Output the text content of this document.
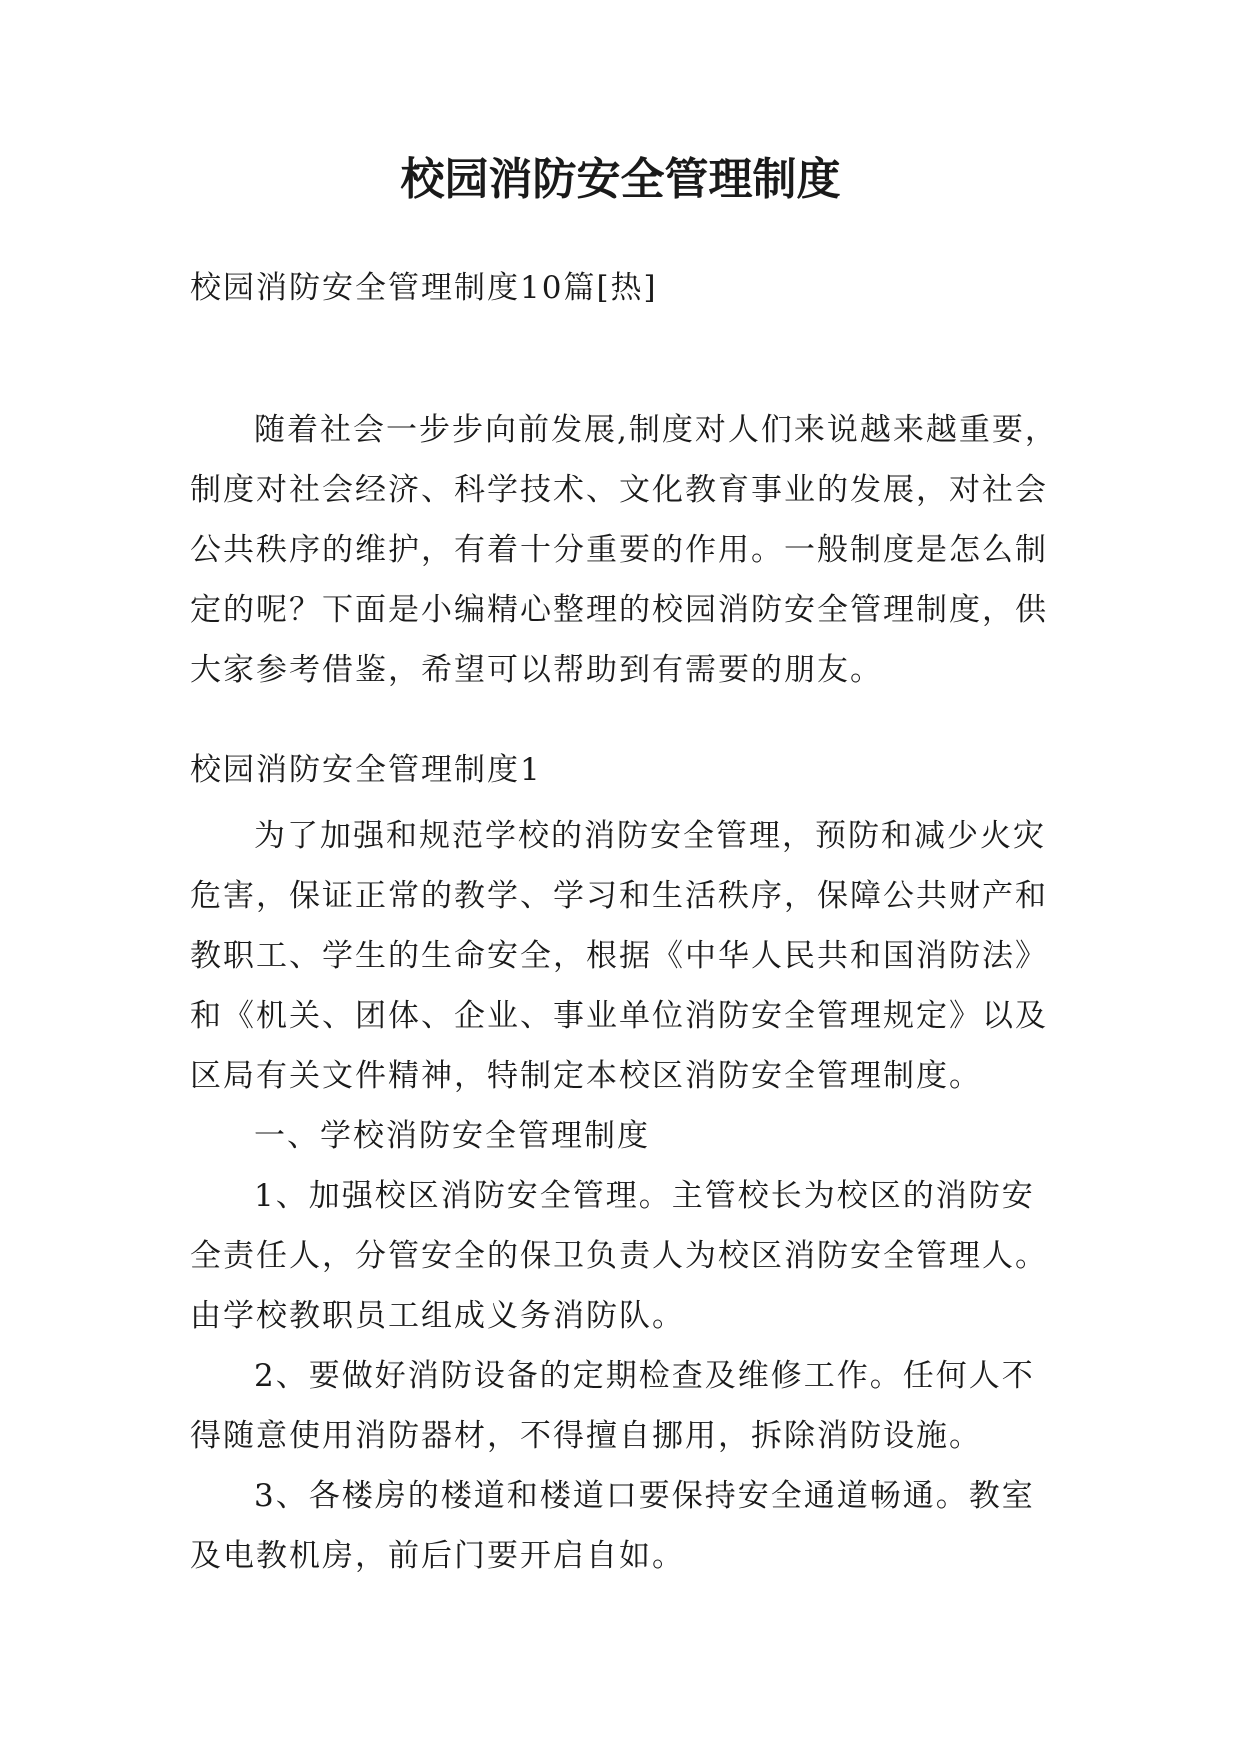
校园消防安全管理制度
校园消防安全管理制度10篇[热]
随着社会一步步向前发展,制度对人们来说越来越重要，
制度对社会经济、科学技术、文化教育事业的发展，对社会
公共秩序的维护，有着十分重要的作用。一般制度是怎么制
定的呢？下面是小编精心整理的校园消防安全管理制度，供
大家参考借鉴，希望可以帮助到有需要的朋友。
校园消防安全管理制度1
为了加强和规范学校的消防安全管理，预防和减少火灾
危害，保证正常的教学、学习和生活秩序，保障公共财产和
教职工、学生的生命安全，根据《中华人民共和国消防法》
和《机关、团体、企业、事业单位消防安全管理规定》以及
区局有关文件精神，特制定本校区消防安全管理制度。
一、学校消防安全管理制度
1、加强校区消防安全管理。主管校长为校区的消防安
全责任人，分管安全的保卫负责人为校区消防安全管理人。
由学校教职员工组成义务消防队。
2、要做好消防设备的定期检查及维修工作。任何人不
得随意使用消防器材，不得擅自挪用，拆除消防设施。
3、各楼房的楼道和楼道口要保持安全通道畅通。教室
及电教机房，前后门要开启自如。
